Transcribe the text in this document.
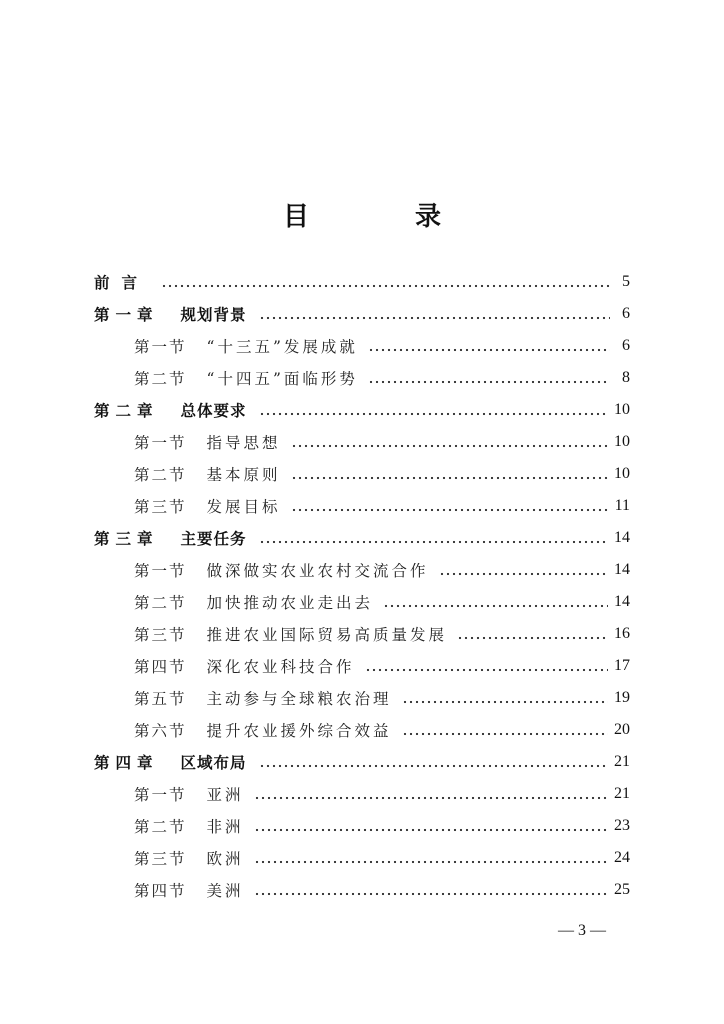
目　录
前言	5
第一章 规划背景	6
第一节 “十三五”发展成就	6
第二节 “十四五”面临形势	8
第二章 总体要求	10
第一节 指导思想	10
第二节 基本原则	10
第三节 发展目标	11
第三章 主要任务	14
第一节 做深做实农业农村交流合作	14
第二节 加快推动农业走出去	14
第三节 推进农业国际贸易高质量发展	16
第四节 深化农业科技合作	17
第五节 主动参与全球粮农治理	19
第六节 提升农业援外综合效益	20
第四章 区域布局	21
第一节 亚洲	21
第二节 非洲	23
第三节 欧洲	24
第四节 美洲	25
— 3 —
